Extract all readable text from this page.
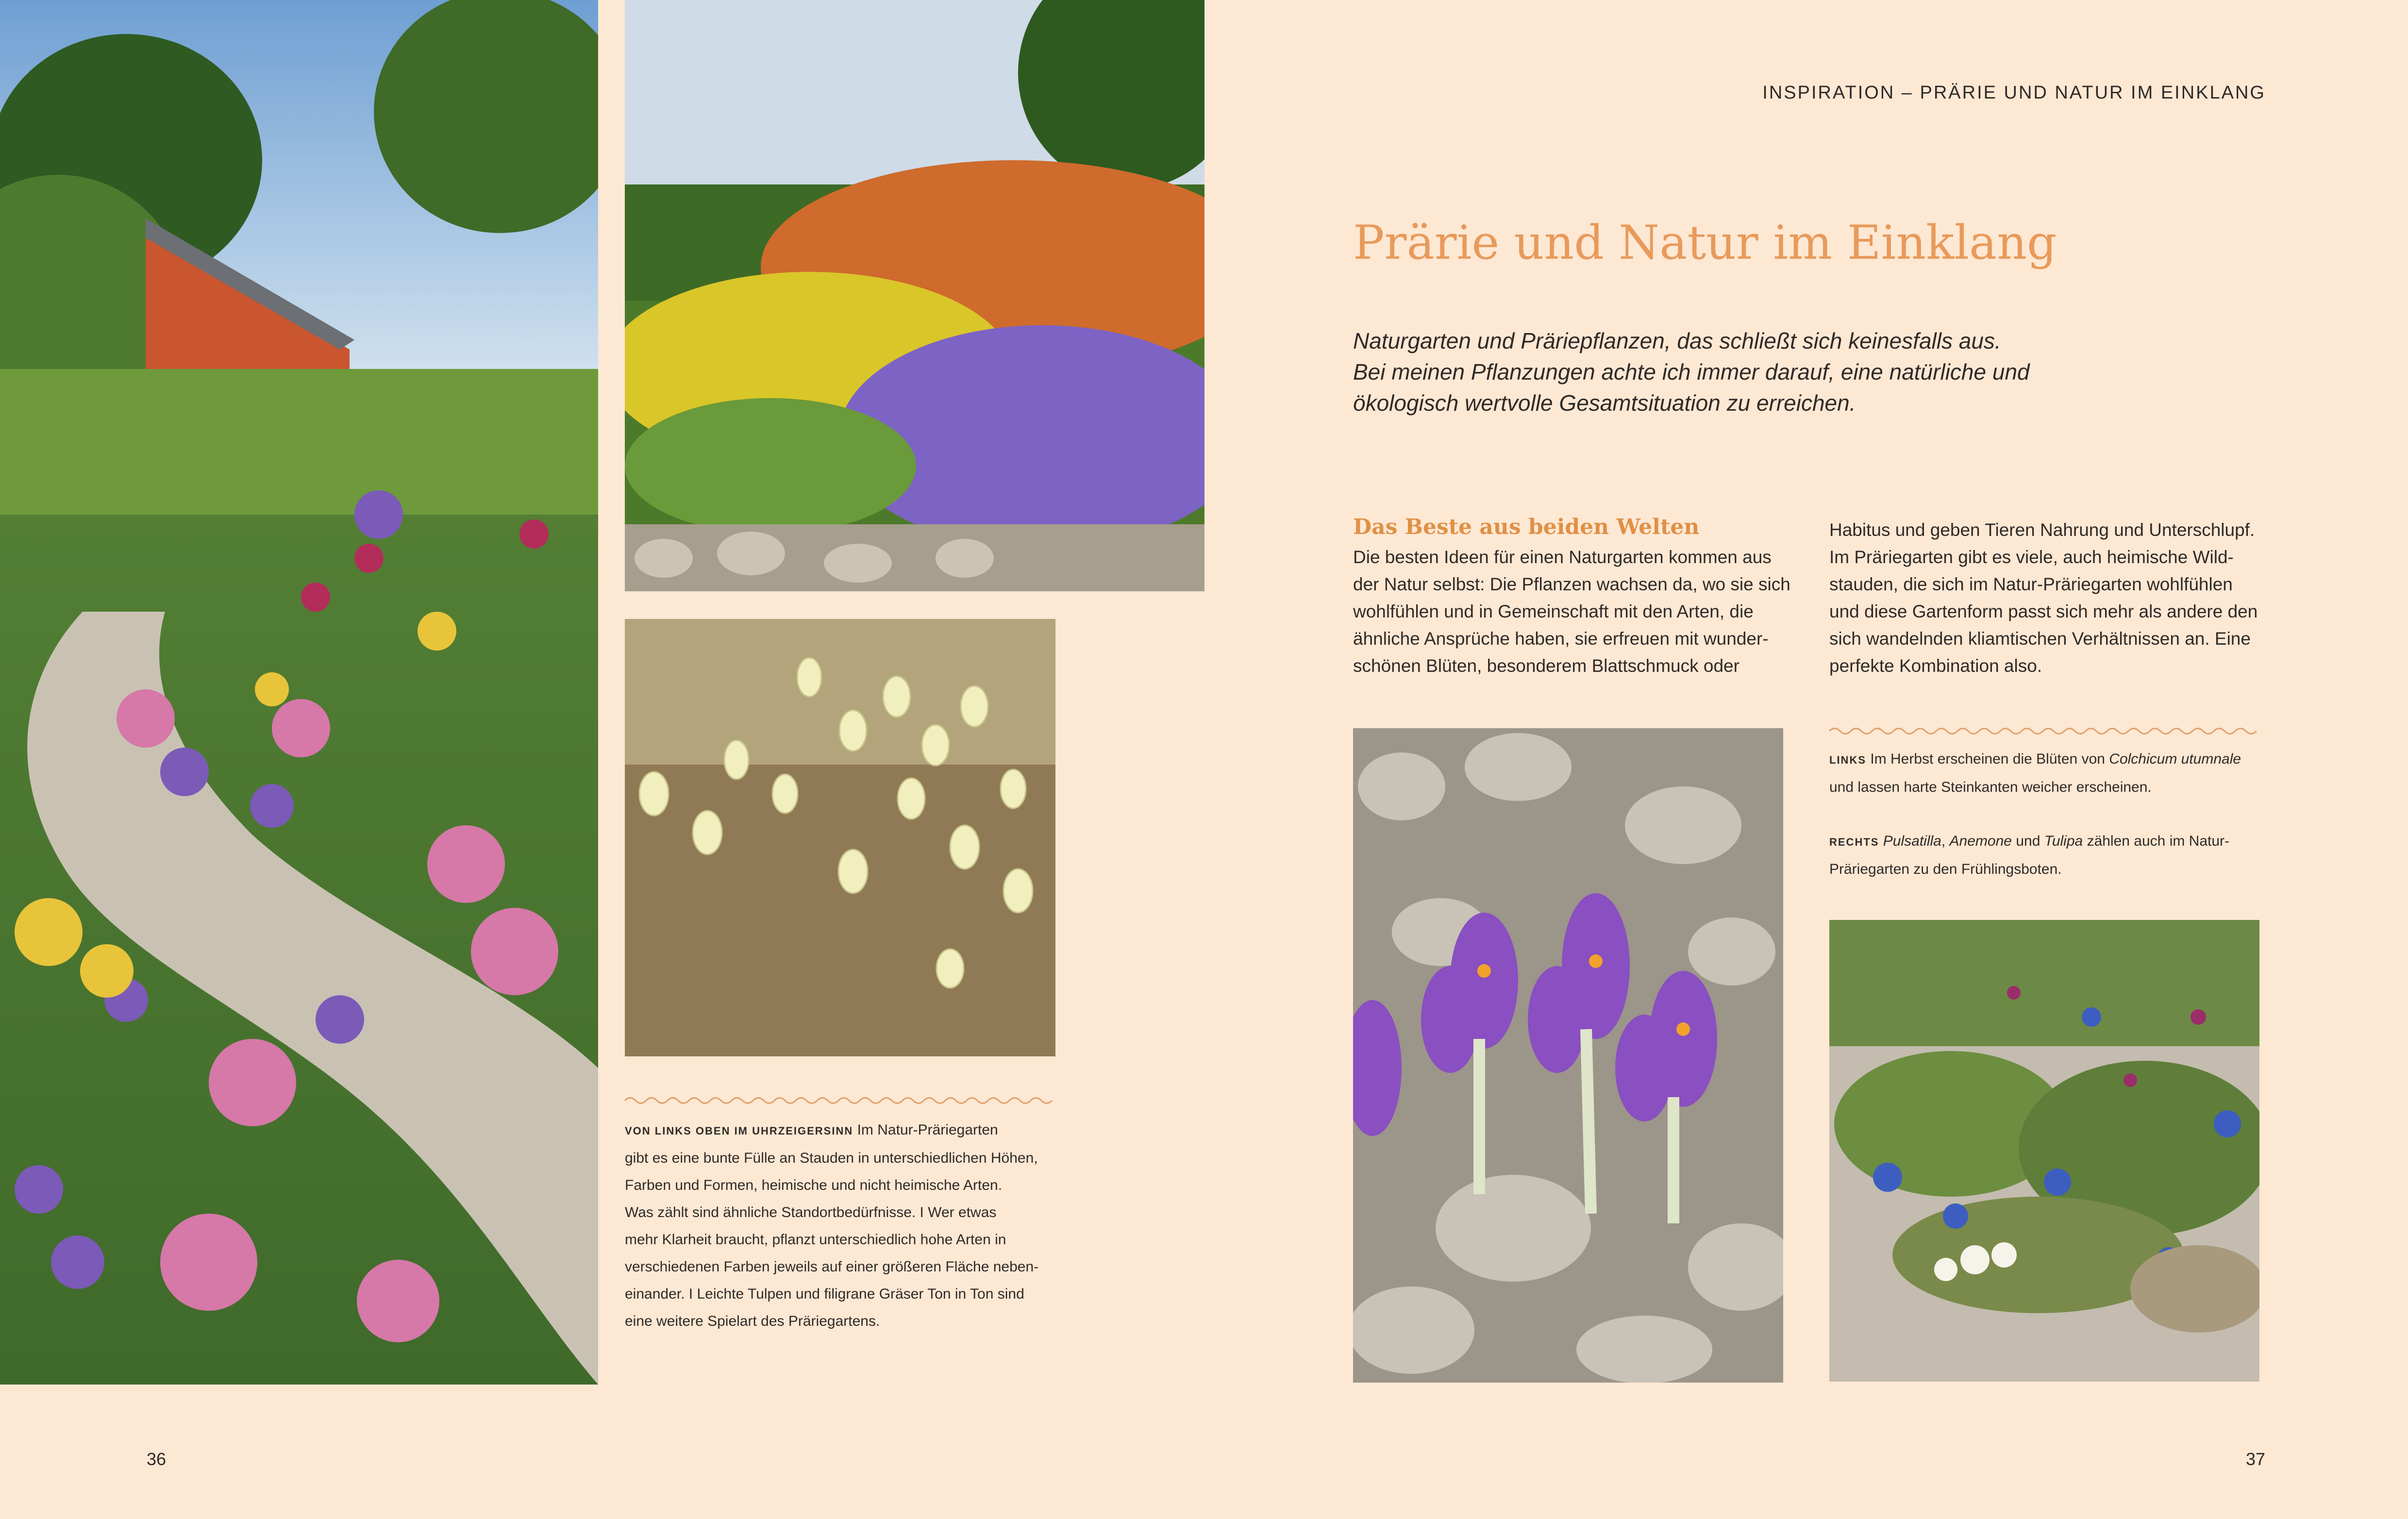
INSPIRATION – PRÄRIE UND NATUR IM EINKLANG
Prärie und Natur im Einklang
Naturgarten und Präriepflanzen, das schließt sich keinesfalls aus.
Bei meinen Pflanzungen achte ich immer darauf, eine natürliche und
ökologisch wertvolle Gesamtsituation zu erreichen.
Das Beste aus beiden Welten
Die besten Ideen für einen Naturgarten kommen aus
der Natur selbst: Die Pflanzen wachsen da, wo sie sich
wohlfühlen und in Gemeinschaft mit den Arten, die
ähnliche Ansprüche haben, sie erfreuen mit wunder-
schönen Blüten, besonderem Blattschmuck oder
Habitus und geben Tieren Nahrung und Unterschlupf.
Im Präriegarten gibt es viele, auch heimische Wild-
stauden, die sich im Natur-Präriegarten wohlfühlen
und diese Gartenform passt sich mehr als andere den
sich wandelnden kliamtischen Verhältnissen an. Eine
perfekte Kombination also.
VON LINKS OBEN IM UHRZEIGERSINN Im Natur-Präriegarten
gibt es eine bunte Fülle an Stauden in unterschiedlichen Höhen,
Farben und Formen, heimische und nicht heimische Arten.
Was zählt sind ähnliche Standortbedürfnisse. I Wer etwas
mehr Klarheit braucht, pflanzt unterschiedlich hohe Arten in
verschiedenen Farben jeweils auf einer größeren Fläche neben-
einander. I Leichte Tulpen und filigrane Gräser Ton in Ton sind
eine weitere Spielart des Präriegartens.
LINKS Im Herbst erscheinen die Blüten von Colchicum utumnale
und lassen harte Steinkanten weicher erscheinen.
RECHTS Pulsatilla, Anemone und Tulipa zählen auch im Natur-
Präriegarten zu den Frühlingsboten.
36	37
